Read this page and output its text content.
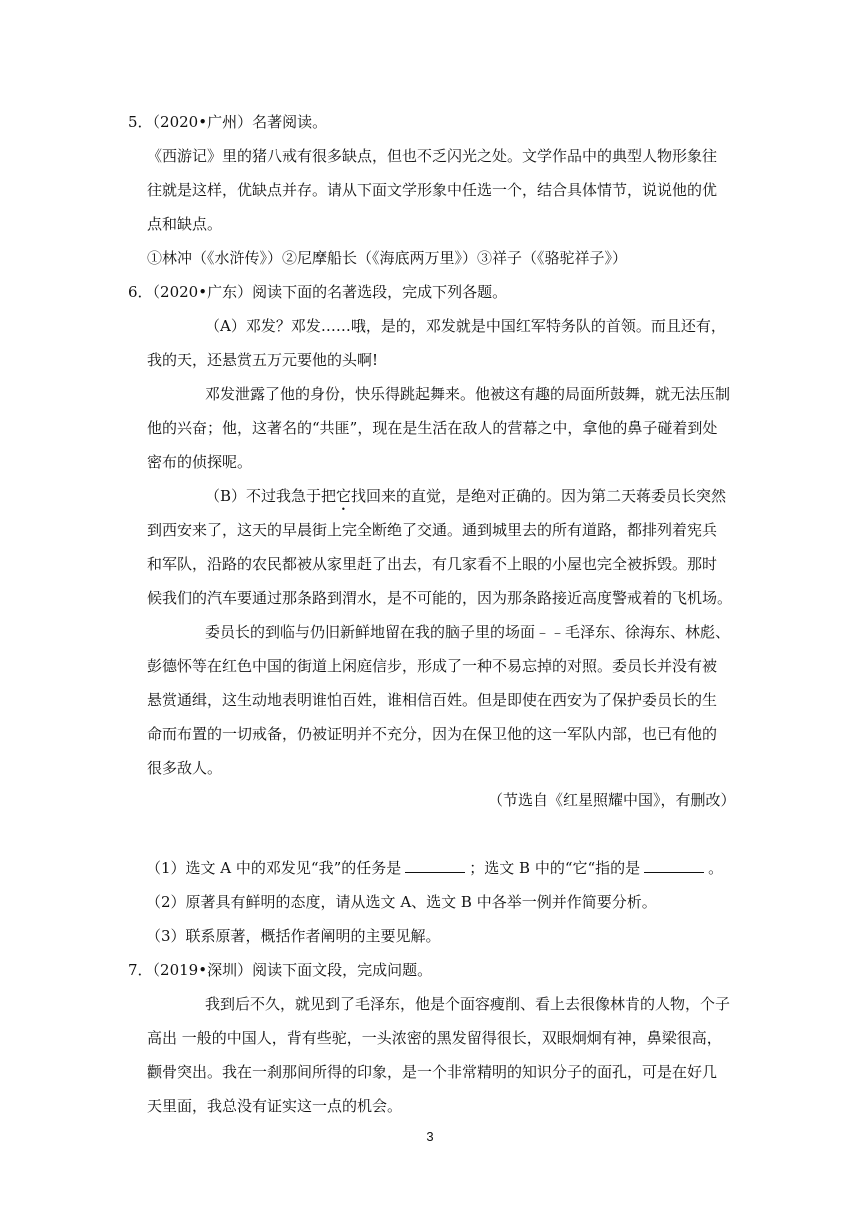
5．（2020•广州）名著阅读。
《西游记》里的猪八戒有很多缺点，但也不乏闪光之处。文学作品中的典型人物形象往
往就是这样，优缺点并存。请从下面文学形象中任选一个，结合具体情节，说说他的优
点和缺点。
①林冲（《水浒传》）②尼摩船长（《海底两万里》）③祥子（《骆驼祥子》）
6．（2020•广东）阅读下面的名著选段，完成下列各题。
（A）邓发？邓发……哦，是的，邓发就是中国红军特务队的首领。而且还有，
我的天，还悬赏五万元要他的头啊!
邓发泄露了他的身份，快乐得跳起舞来。他被这有趣的局面所鼓舞，就无法压制
他的兴奋；他，这著名的“共匪”，现在是生活在敌人的营幕之中，拿他的鼻子碰着到处
密布的侦探呢。
（B）不过我急于把它找回来的直觉，是绝对正确的。因为第二天蒋委员长突然
到西安来了，这天的早晨街上完全断绝了交通。通到城里去的所有道路，都排列着宪兵
和军队，沿路的农民都被从家里赶了出去，有几家看不上眼的小屋也完全被拆毁。那时
候我们的汽车要通过那条路到渭水，是不可能的，因为那条路接近高度警戒着的飞机场。
委员长的到临与仍旧新鲜地留在我的脑子里的场面﹣﹣毛泽东、徐海东、林彪、
彭德怀等在红色中国的街道上闲庭信步，形成了一种不易忘掉的对照。委员长并没有被
悬赏通缉，这生动地表明谁怕百姓，谁相信百姓。但是即使在西安为了保护委员长的生
命而布置的一切戒备，仍被证明并不充分，因为在保卫他的这一军队内部，也已有他的
很多敌人。
（节选自《红星照耀中国》，有删改）
（1）选文 A 中的邓发见“我”的任务是	；选文 B 中的“它“指的是	。
（2）原著具有鲜明的态度，请从选文 A、选文 B 中各举一例并作简要分析。
（3）联系原著，概括作者阐明的主要见解。
7．（2019•深圳）阅读下面文段，完成问题。
我到后不久，就见到了毛泽东，他是个面容瘦削、看上去很像林肯的人物，个子
高出 一般的中国人，背有些驼，一头浓密的黑发留得很长，双眼炯炯有神，鼻梁很高，
颧骨突出。我在一刹那间所得的印象，是一个非常精明的知识分子的面孔，可是在好几
天里面，我总没有证实这一点的机会。
3
